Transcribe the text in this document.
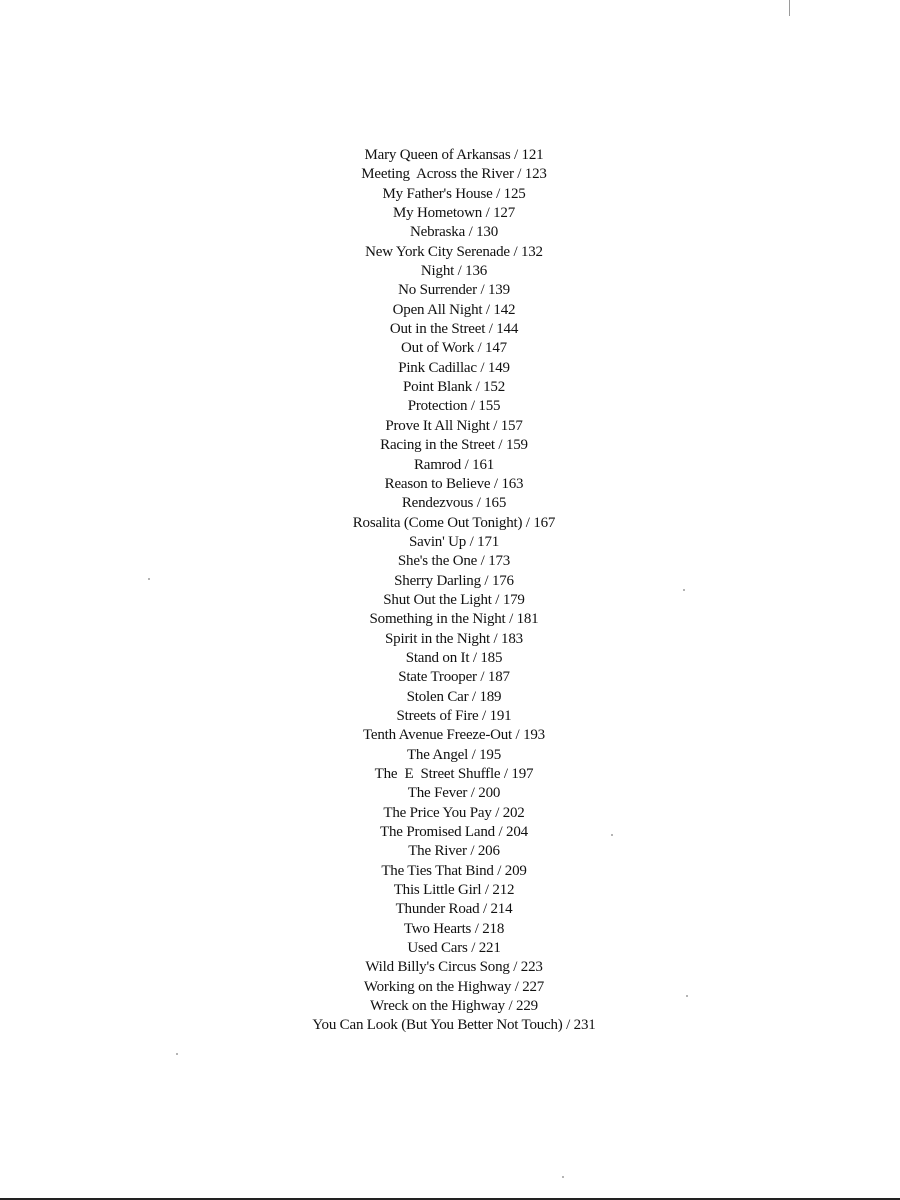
Mary Queen of Arkansas / 121
Meeting  Across the River / 123
My Father's House / 125
My Hometown / 127
Nebraska / 130
New York City Serenade / 132
Night / 136
No Surrender / 139
Open All Night / 142
Out in the Street / 144
Out of Work / 147
Pink Cadillac / 149
Point Blank / 152
Protection / 155
Prove It All Night / 157
Racing in the Street / 159
Ramrod / 161
Reason to Believe / 163
Rendezvous / 165
Rosalita (Come Out Tonight) / 167
Savin' Up / 171
She's the One / 173
Sherry Darling / 176
Shut Out the Light / 179
Something in the Night / 181
Spirit in the Night / 183
Stand on It / 185
State Trooper / 187
Stolen Car / 189
Streets of Fire / 191
Tenth Avenue Freeze-Out / 193
The Angel / 195
The  E  Street Shuffle / 197
The Fever / 200
The Price You Pay / 202
The Promised Land / 204
The River / 206
The Ties That Bind / 209
This Little Girl / 212
Thunder Road / 214
Two Hearts / 218
Used Cars / 221
Wild Billy's Circus Song / 223
Working on the Highway / 227
Wreck on the Highway / 229
You Can Look (But You Better Not Touch) / 231
